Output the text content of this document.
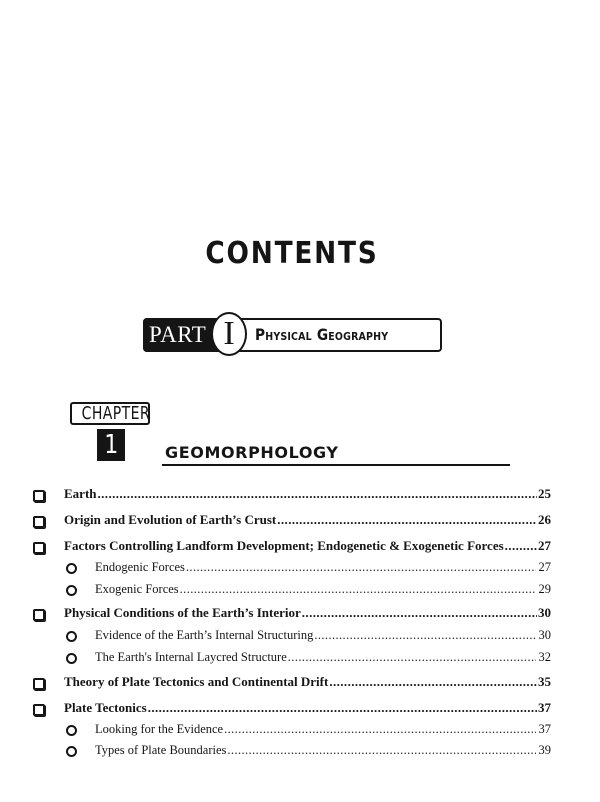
CONTENTS
PART I	Physical Geography
CHAPTER
1	GEOMORPHOLOGY
Earth .....	25
Origin and Evolution of Earth’s Crust .....	26
Factors Controlling Landform Development; Endogenetic & Exogenetic Forces .....	27
Endogenic Forces .....	27
Exogenic Forces .....	29
Physical Conditions of the Earth’s Interior .....	30
Evidence of the Earth’s Internal Structuring .....	30
The Earth's Internal Laycred Structure .....	32
Theory of Plate Tectonics and Continental Drift .....	35
Plate Tectonics .....	37
Looking for the Evidence .....	37
Types of Plate Boundaries .....	39
